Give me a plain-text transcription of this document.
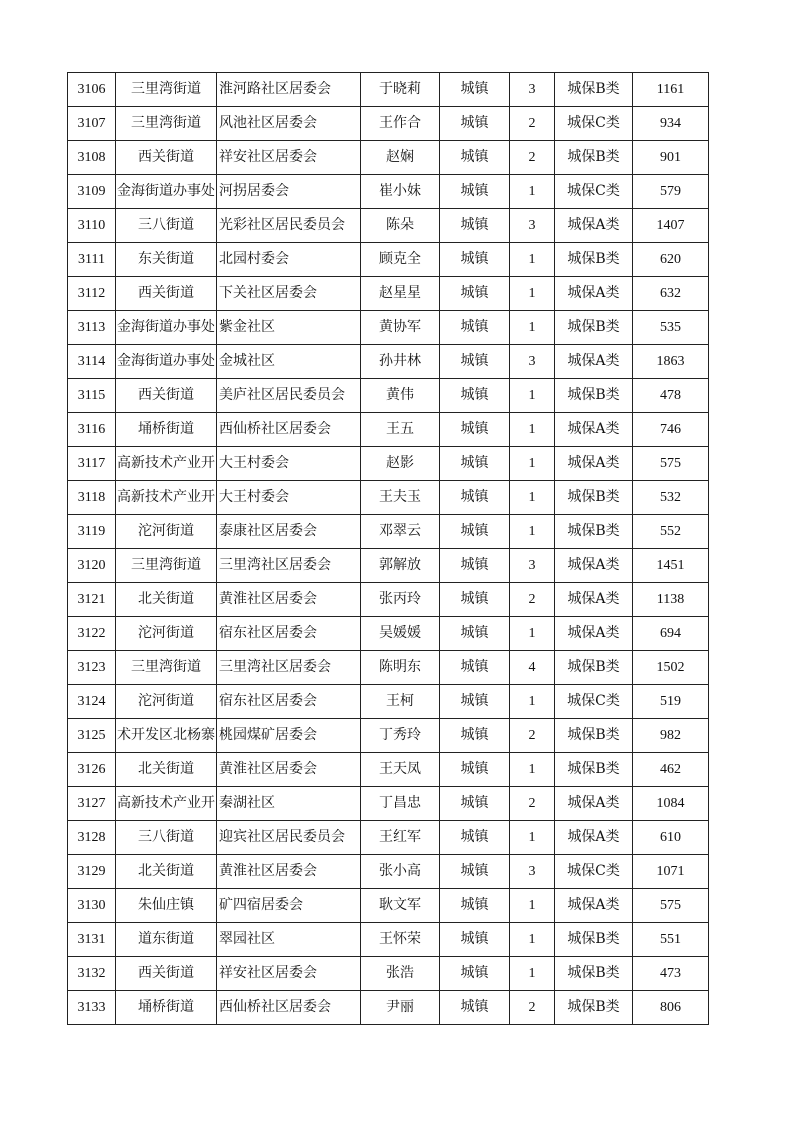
3106	三里湾街道	淮河路社区居委会	于晓莉	城镇	3	城保B类	1161
3107	三里湾街道	风池社区居委会	王作合	城镇	2	城保C类	934
3108	西关街道	祥安社区居委会	赵娴	城镇	2	城保B类	901
3109	金海街道办事处	河拐居委会	崔小妹	城镇	1	城保C类	579
3110	三八街道	光彩社区居民委员会	陈朵	城镇	3	城保A类	1407
3111	东关街道	北园村委会	顾克全	城镇	1	城保B类	620
3112	西关街道	下关社区居委会	赵星星	城镇	1	城保A类	632
3113	金海街道办事处	紫金社区	黄协军	城镇	1	城保B类	535
3114	金海街道办事处	金城社区	孙井林	城镇	3	城保A类	1863
3115	西关街道	美庐社区居民委员会	黄伟	城镇	1	城保B类	478
3116	埇桥街道	西仙桥社区居委会	王五	城镇	1	城保A类	746
3117	高新技术产业开	大王村委会	赵影	城镇	1	城保A类	575
3118	高新技术产业开	大王村委会	王夫玉	城镇	1	城保B类	532
3119	沱河街道	泰康社区居委会	邓翠云	城镇	1	城保B类	552
3120	三里湾街道	三里湾社区居委会	郭解放	城镇	3	城保A类	1451
3121	北关街道	黄淮社区居委会	张丙玲	城镇	2	城保A类	1138
3122	沱河街道	宿东社区居委会	吴媛媛	城镇	1	城保A类	694
3123	三里湾街道	三里湾社区居委会	陈明东	城镇	4	城保B类	1502
3124	沱河街道	宿东社区居委会	王柯	城镇	1	城保C类	519
3125	术开发区北杨寨	桃园煤矿居委会	丁秀玲	城镇	2	城保B类	982
3126	北关街道	黄淮社区居委会	王天凤	城镇	1	城保B类	462
3127	高新技术产业开	秦湖社区	丁昌忠	城镇	2	城保A类	1084
3128	三八街道	迎宾社区居民委员会	王红军	城镇	1	城保A类	610
3129	北关街道	黄淮社区居委会	张小高	城镇	3	城保C类	1071
3130	朱仙庄镇	矿四宿居委会	耿文军	城镇	1	城保A类	575
3131	道东街道	翠园社区	王怀荣	城镇	1	城保B类	551
3132	西关街道	祥安社区居委会	张浩	城镇	1	城保B类	473
3133	埇桥街道	西仙桥社区居委会	尹丽	城镇	2	城保B类	806
